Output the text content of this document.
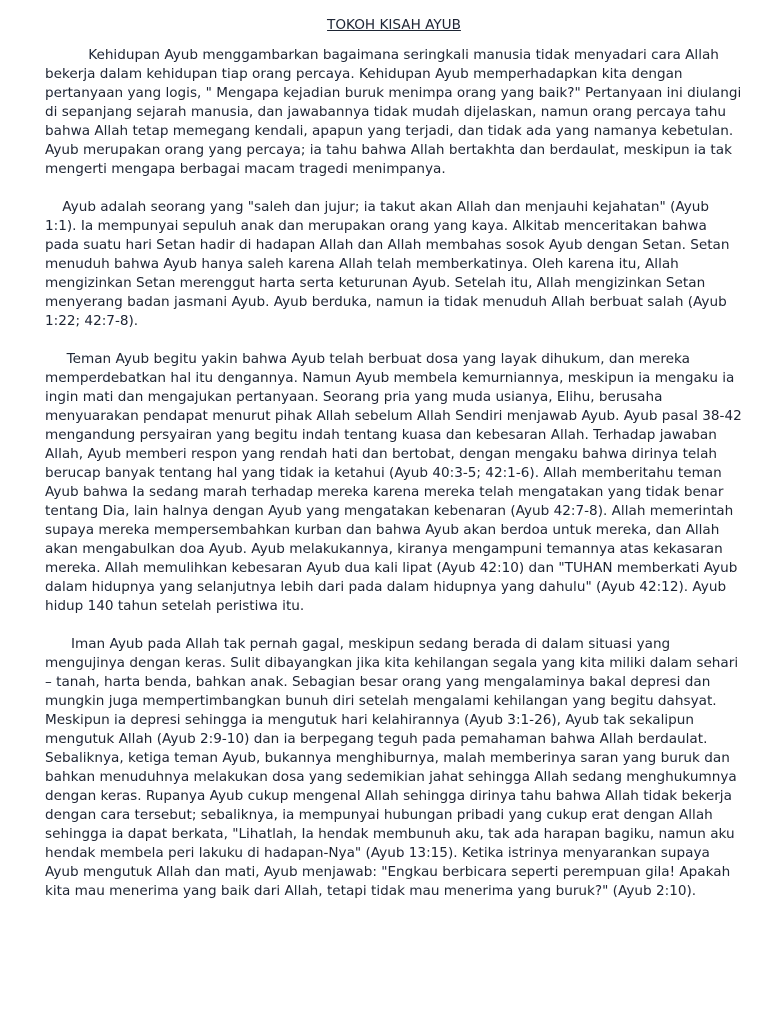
TOKOH KISAH AYUB

Kehidupan Ayub menggambarkan bagaimana seringkali manusia tidak menyadari cara Allah bekerja dalam kehidupan tiap orang percaya. Kehidupan Ayub memperhadapkan kita dengan pertanyaan yang logis, " Mengapa kejadian buruk menimpa orang yang baik?" Pertanyaan ini diulangi di sepanjang sejarah manusia, dan jawabannya tidak mudah dijelaskan, namun orang percaya tahu bahwa Allah tetap memegang kendali, apapun yang terjadi, dan tidak ada yang namanya kebetulan. Ayub merupakan orang yang percaya; ia tahu bahwa Allah bertakhta dan berdaulat, meskipun ia tak mengerti mengapa berbagai macam tragedi menimpanya.

Ayub adalah seorang yang "saleh dan jujur; ia takut akan Allah dan menjauhi kejahatan" (Ayub 1:1). Ia mempunyai sepuluh anak dan merupakan orang yang kaya. Alkitab menceritakan bahwa pada suatu hari Setan hadir di hadapan Allah dan Allah membahas sosok Ayub dengan Setan. Setan menuduh bahwa Ayub hanya saleh karena Allah telah memberkatinya. Oleh karena itu, Allah mengizinkan Setan merenggut harta serta keturunan Ayub. Setelah itu, Allah mengizinkan Setan menyerang badan jasmani Ayub. Ayub berduka, namun ia tidak menuduh Allah berbuat salah (Ayub 1:22; 42:7-8).

Teman Ayub begitu yakin bahwa Ayub telah berbuat dosa yang layak dihukum, dan mereka memperdebatkan hal itu dengannya. Namun Ayub membela kemurniannya, meskipun ia mengaku ia ingin mati dan mengajukan pertanyaan. Seorang pria yang muda usianya, Elihu, berusaha menyuarakan pendapat menurut pihak Allah sebelum Allah Sendiri menjawab Ayub. Ayub pasal 38-42 mengandung persyairan yang begitu indah tentang kuasa dan kebesaran Allah. Terhadap jawaban Allah, Ayub memberi respon yang rendah hati dan bertobat, dengan mengaku bahwa dirinya telah berucap banyak tentang hal yang tidak ia ketahui (Ayub 40:3-5; 42:1-6). Allah memberitahu teman Ayub bahwa Ia sedang marah terhadap mereka karena mereka telah mengatakan yang tidak benar tentang Dia, lain halnya dengan Ayub yang mengatakan kebenaran (Ayub 42:7-8). Allah memerintah supaya mereka mempersembahkan kurban dan bahwa Ayub akan berdoa untuk mereka, dan Allah akan mengabulkan doa Ayub. Ayub melakukannya, kiranya mengampuni temannya atas kekasaran mereka. Allah memulihkan kebesaran Ayub dua kali lipat (Ayub 42:10) dan "TUHAN memberkati Ayub dalam hidupnya yang selanjutnya lebih dari pada dalam hidupnya yang dahulu" (Ayub 42:12). Ayub hidup 140 tahun setelah peristiwa itu.

Iman Ayub pada Allah tak pernah gagal, meskipun sedang berada di dalam situasi yang mengujinya dengan keras. Sulit dibayangkan jika kita kehilangan segala yang kita miliki dalam sehari – tanah, harta benda, bahkan anak. Sebagian besar orang yang mengalaminya bakal depresi dan mungkin juga mempertimbangkan bunuh diri setelah mengalami kehilangan yang begitu dahsyat. Meskipun ia depresi sehingga ia mengutuk hari kelahirannya (Ayub 3:1-26), Ayub tak sekalipun mengutuk Allah (Ayub 2:9-10) dan ia berpegang teguh pada pemahaman bahwa Allah berdaulat. Sebaliknya, ketiga teman Ayub, bukannya menghiburnya, malah memberinya saran yang buruk dan bahkan menuduhnya melakukan dosa yang sedemikian jahat sehingga Allah sedang menghukumnya dengan keras. Rupanya Ayub cukup mengenal Allah sehingga dirinya tahu bahwa Allah tidak bekerja dengan cara tersebut; sebaliknya, ia mempunyai hubungan pribadi yang cukup erat dengan Allah sehingga ia dapat berkata, "Lihatlah, Ia hendak membunuh aku, tak ada harapan bagiku, namun aku hendak membela peri lakuku di hadapan-Nya" (Ayub 13:15). Ketika istrinya menyarankan supaya Ayub mengutuk Allah dan mati, Ayub menjawab: "Engkau berbicara seperti perempuan gila! Apakah kita mau menerima yang baik dari Allah, tetapi tidak mau menerima yang buruk?" (Ayub 2:10).
